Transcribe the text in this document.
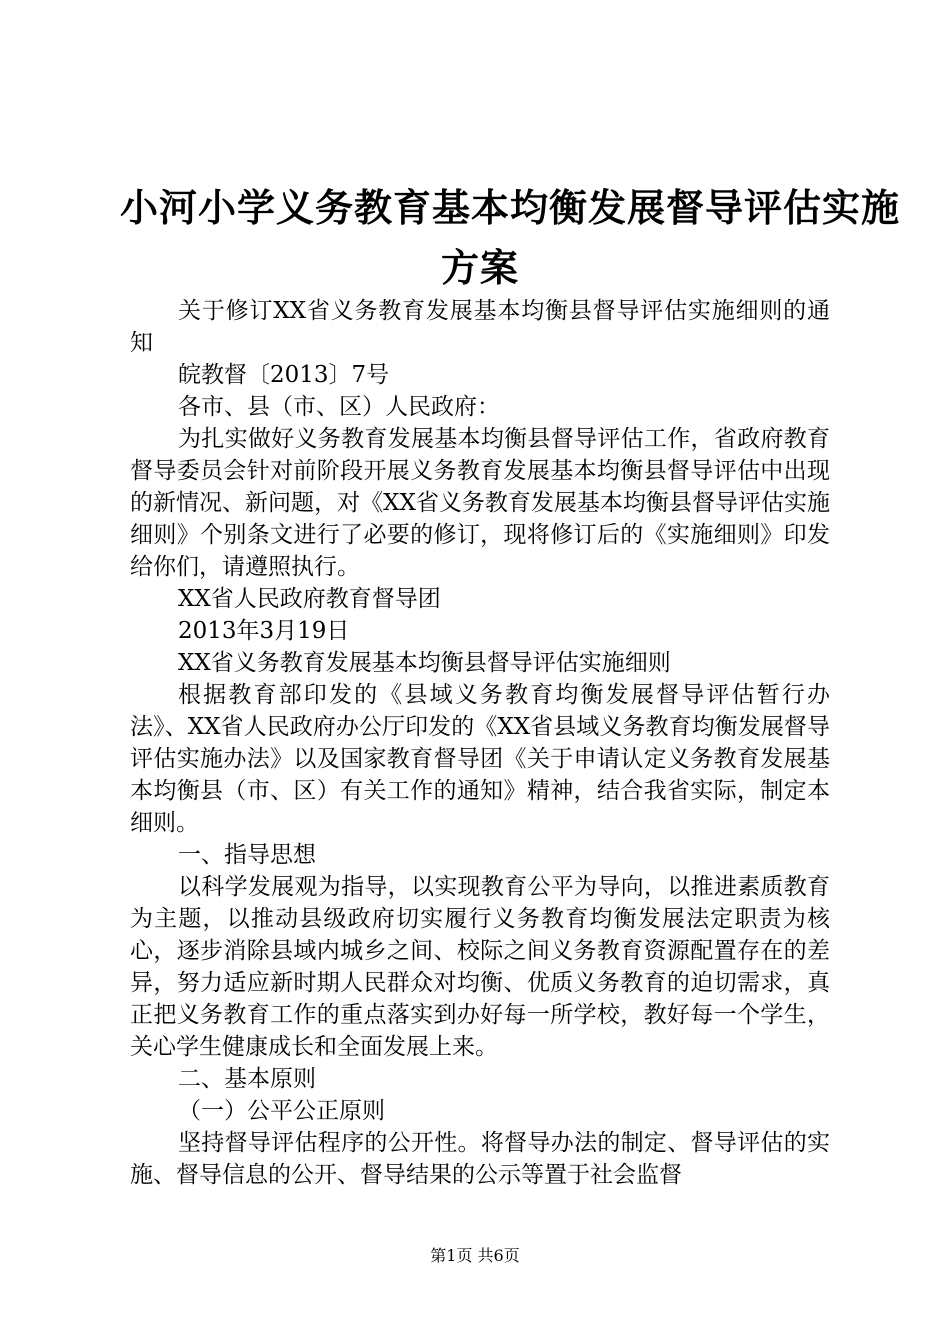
小河小学义务教育基本均衡发展督导评估实施
方案

关于修订XX省义务教育发展基本均衡县督导评估实施细则的通知

皖教督〔2013〕7号

各市、县（市、区）人民政府：

为扎实做好义务教育发展基本均衡县督导评估工作，省政府教育督导委员会针对前阶段开展义务教育发展基本均衡县督导评估中出现的新情况、新问题，对《XX省义务教育发展基本均衡县督导评估实施细则》个别条文进行了必要的修订，现将修订后的《实施细则》印发给你们，请遵照执行。

XX省人民政府教育督导团

2013年3月19日

XX省义务教育发展基本均衡县督导评估实施细则

根据教育部印发的《县域义务教育均衡发展督导评估暂行办法》、XX省人民政府办公厅印发的《XX省县域义务教育均衡发展督导评估实施办法》以及国家教育督导团《关于申请认定义务教育发展基本均衡县（市、区）有关工作的通知》精神，结合我省实际，制定本细则。

一、指导思想

以科学发展观为指导，以实现教育公平为导向，以推进素质教育为主题，以推动县级政府切实履行义务教育均衡发展法定职责为核心，逐步消除县域内城乡之间、校际之间义务教育资源配置存在的差异，努力适应新时期人民群众对均衡、优质义务教育的迫切需求，真正把义务教育工作的重点落实到办好每一所学校，教好每一个学生，关心学生健康成长和全面发展上来。

二、基本原则

（一）公平公正原则

坚持督导评估程序的公开性。将督导办法的制定、督导评估的实施、督导信息的公开、督导结果的公示等置于社会监督

第1页 共6页
